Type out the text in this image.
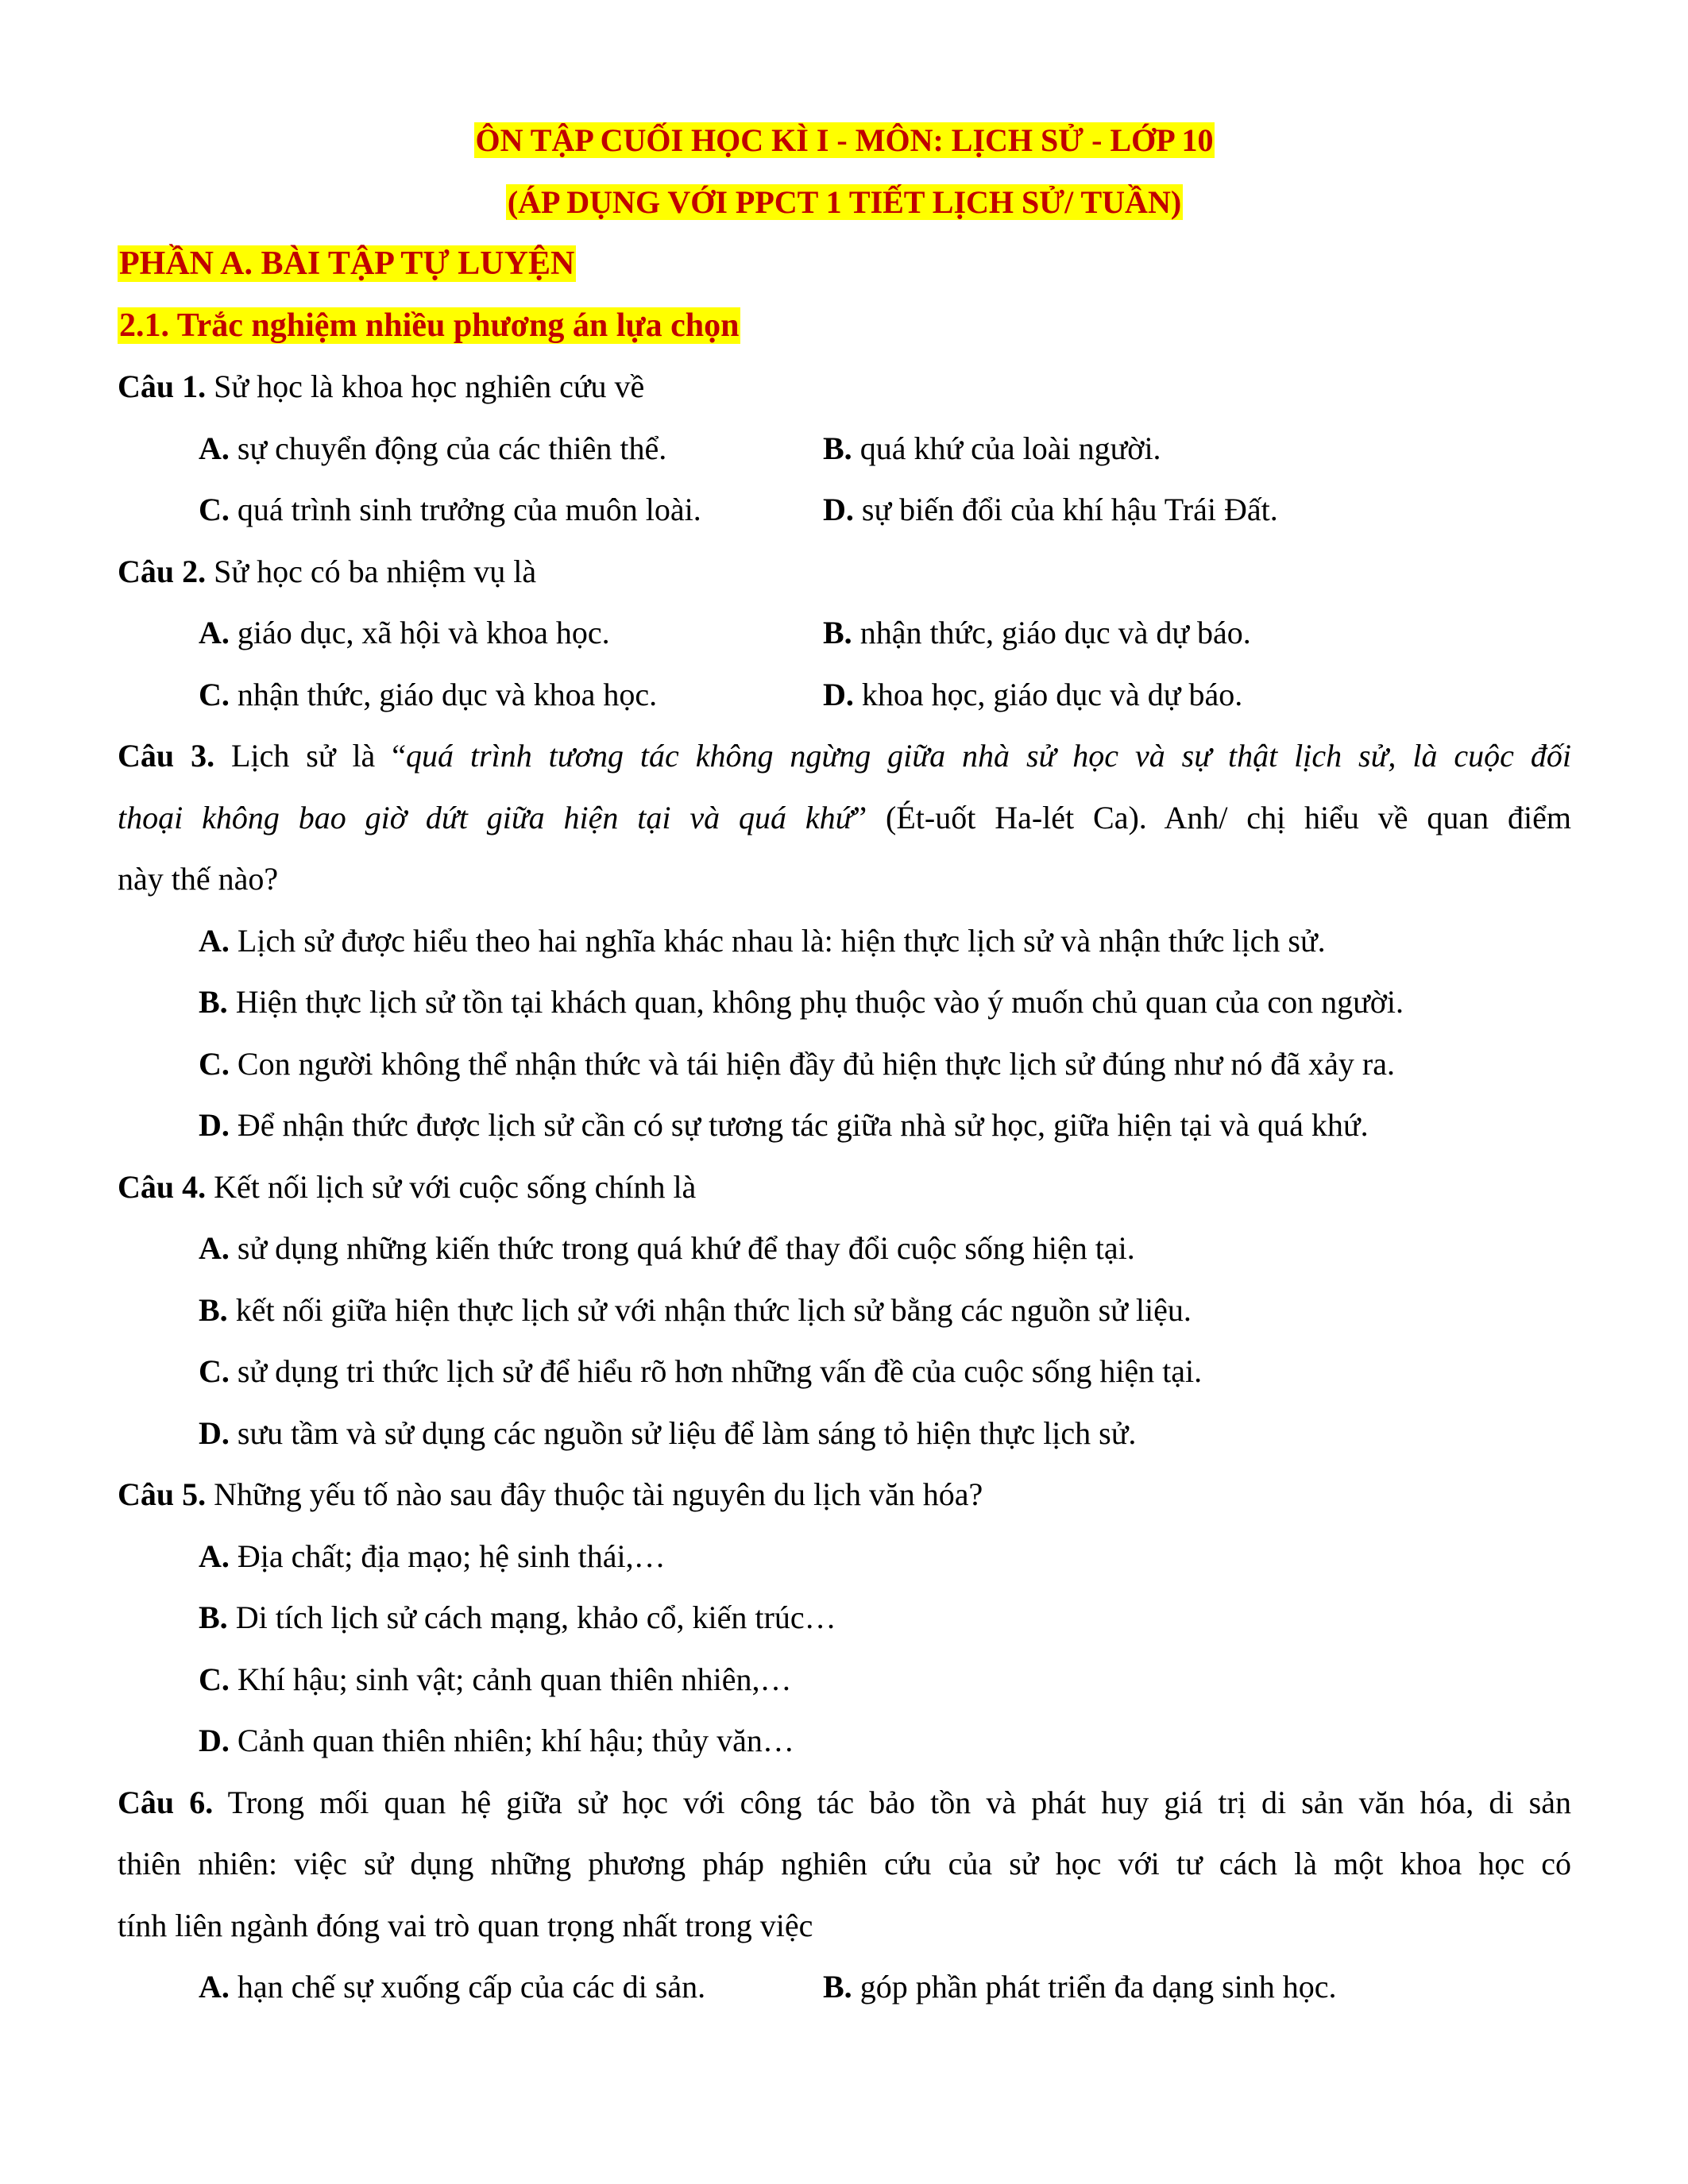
ÔN TẬP CUỐI HỌC KÌ I - MÔN: LỊCH SỬ - LỚP 10
(ÁP DỤNG VỚI PPCT 1 TIẾT LỊCH SỬ/ TUẦN)
PHẦN A. BÀI TẬP TỰ LUYỆN
2.1. Trắc nghiệm nhiều phương án lựa chọn
Câu 1. Sử học là khoa học nghiên cứu về
A. sự chuyển động của các thiên thể.	B. quá khứ của loài người.
C. quá trình sinh trưởng của muôn loài.	D. sự biến đổi của khí hậu Trái Đất.
Câu 2. Sử học có ba nhiệm vụ là
A. giáo dục, xã hội và khoa học.	B. nhận thức, giáo dục và dự báo.
C. nhận thức, giáo dục và khoa học.	D. khoa học, giáo dục và dự báo.
Câu 3. Lịch sử là “quá trình tương tác không ngừng giữa nhà sử học và sự thật lịch sử, là cuộc đối
thoại không bao giờ dứt giữa hiện tại và quá khứ” (Ét-uốt Ha-lét Ca). Anh/ chị hiểu về quan điểm
này thế nào?
A. Lịch sử được hiểu theo hai nghĩa khác nhau là: hiện thực lịch sử và nhận thức lịch sử.
B. Hiện thực lịch sử tồn tại khách quan, không phụ thuộc vào ý muốn chủ quan của con người.
C. Con người không thể nhận thức và tái hiện đầy đủ hiện thực lịch sử đúng như nó đã xảy ra.
D. Để nhận thức được lịch sử cần có sự tương tác giữa nhà sử học, giữa hiện tại và quá khứ.
Câu 4. Kết nối lịch sử với cuộc sống chính là
A. sử dụng những kiến thức trong quá khứ để thay đổi cuộc sống hiện tại.
B. kết nối giữa hiện thực lịch sử với nhận thức lịch sử bằng các nguồn sử liệu.
C. sử dụng tri thức lịch sử để hiểu rõ hơn những vấn đề của cuộc sống hiện tại.
D. sưu tầm và sử dụng các nguồn sử liệu để làm sáng tỏ hiện thực lịch sử.
Câu 5. Những yếu tố nào sau đây thuộc tài nguyên du lịch văn hóa?
A. Địa chất; địa mạo; hệ sinh thái,…
B. Di tích lịch sử cách mạng, khảo cổ, kiến trúc…
C. Khí hậu; sinh vật; cảnh quan thiên nhiên,…
D. Cảnh quan thiên nhiên; khí hậu; thủy văn…
Câu 6. Trong mối quan hệ giữa sử học với công tác bảo tồn và phát huy giá trị di sản văn hóa, di sản
thiên nhiên: việc sử dụng những phương pháp nghiên cứu của sử học với tư cách là một khoa học có
tính liên ngành đóng vai trò quan trọng nhất trong việc
A. hạn chế sự xuống cấp của các di sản.	B. góp phần phát triển đa dạng sinh học.
